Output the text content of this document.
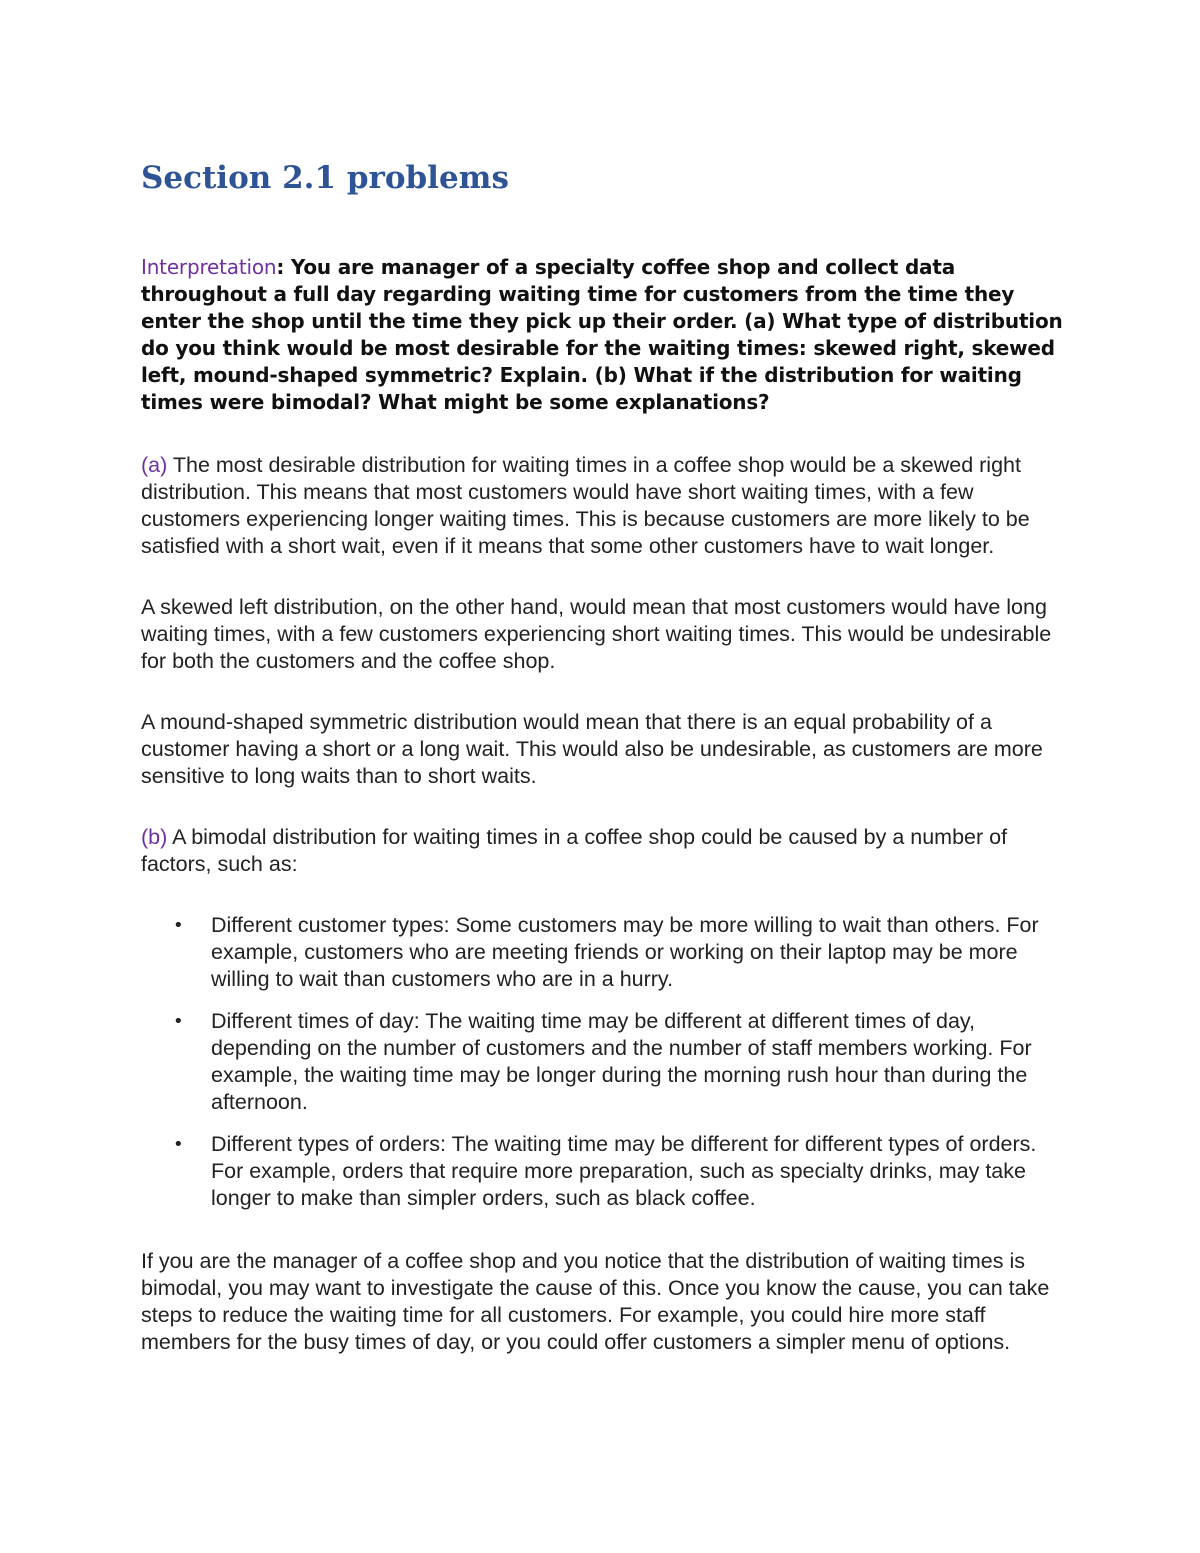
Section 2.1 problems

Interpretation: You are manager of a specialty coffee shop and collect data throughout a full day regarding waiting time for customers from the time they enter the shop until the time they pick up their order. (a) What type of distribution do you think would be most desirable for the waiting times: skewed right, skewed left, mound-shaped symmetric? Explain. (b) What if the distribution for waiting times were bimodal? What might be some explanations?

(a) The most desirable distribution for waiting times in a coffee shop would be a skewed right distribution. This means that most customers would have short waiting times, with a few customers experiencing longer waiting times. This is because customers are more likely to be satisfied with a short wait, even if it means that some other customers have to wait longer.

A skewed left distribution, on the other hand, would mean that most customers would have long waiting times, with a few customers experiencing short waiting times. This would be undesirable for both the customers and the coffee shop.

A mound-shaped symmetric distribution would mean that there is an equal probability of a customer having a short or a long wait. This would also be undesirable, as customers are more sensitive to long waits than to short waits.

(b) A bimodal distribution for waiting times in a coffee shop could be caused by a number of factors, such as:

• Different customer types: Some customers may be more willing to wait than others. For example, customers who are meeting friends or working on their laptop may be more willing to wait than customers who are in a hurry.
• Different times of day: The waiting time may be different at different times of day, depending on the number of customers and the number of staff members working. For example, the waiting time may be longer during the morning rush hour than during the afternoon.
• Different types of orders: The waiting time may be different for different types of orders. For example, orders that require more preparation, such as specialty drinks, may take longer to make than simpler orders, such as black coffee.

If you are the manager of a coffee shop and you notice that the distribution of waiting times is bimodal, you may want to investigate the cause of this. Once you know the cause, you can take steps to reduce the waiting time for all customers. For example, you could hire more staff members for the busy times of day, or you could offer customers a simpler menu of options.
